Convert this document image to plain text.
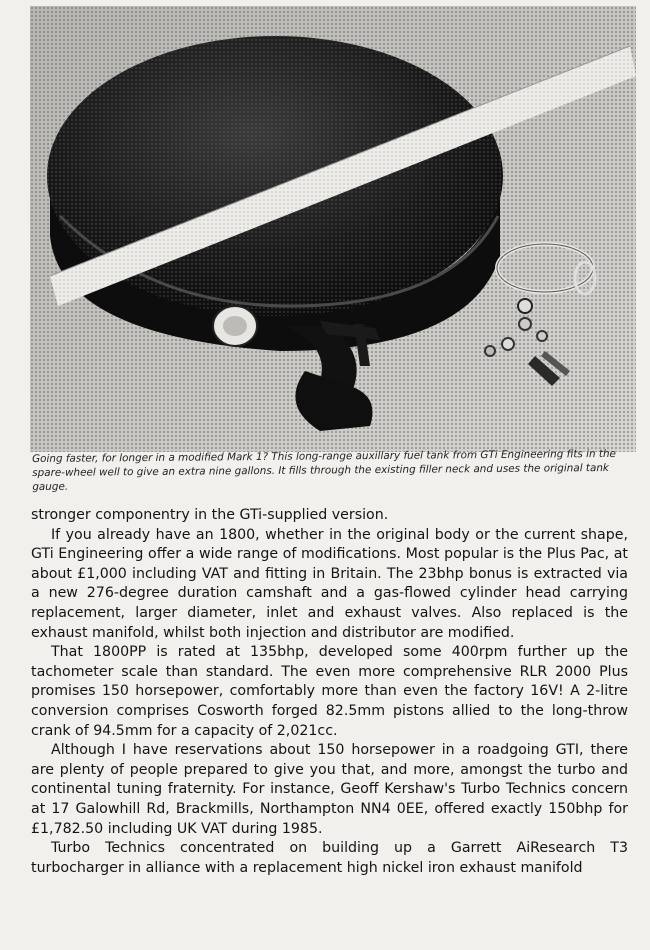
Going faster, for longer in a modified Mark 1? This long-range auxillary fuel tank from GTi Engineering fits in the spare-wheel well to give an extra nine gallons. It fills through the existing filler neck and uses the original tank gauge.

stronger componentry in the GTi-supplied version.

If you already have an 1800, whether in the original body or the current shape, GTi Engineering offer a wide range of modifications. Most popular is the Plus Pac, at about £1,000 including VAT and fitting in Britain. The 23bhp bonus is extracted via a new 276-degree duration camshaft and a gas-flowed cylinder head carrying replacement, larger diameter, inlet and exhaust valves. Also replaced is the exhaust manifold, whilst both injection and distributor are modified.

That 1800PP is rated at 135bhp, developed some 400rpm further up the tachometer scale than standard. The even more comprehensive RLR 2000 Plus promises 150 horsepower, comfortably more than even the factory 16V! A 2-litre conversion comprises Cosworth forged 82.5mm pistons allied to the long-throw crank of 94.5mm for a capacity of 2,021cc.

Although I have reservations about 150 horsepower in a roadgoing GTI, there are plenty of people prepared to give you that, and more, amongst the turbo and continental tuning fraternity. For instance, Geoff Kershaw's Turbo Technics concern at 17 Galowhill Rd, Brackmills, Northampton NN4 0EE, offered exactly 150bhp for £1,782.50 including UK VAT during 1985.

Turbo Technics concentrated on building up a Garrett AiResearch T3 turbocharger in alliance with a replacement high nickel iron exhaust manifold
